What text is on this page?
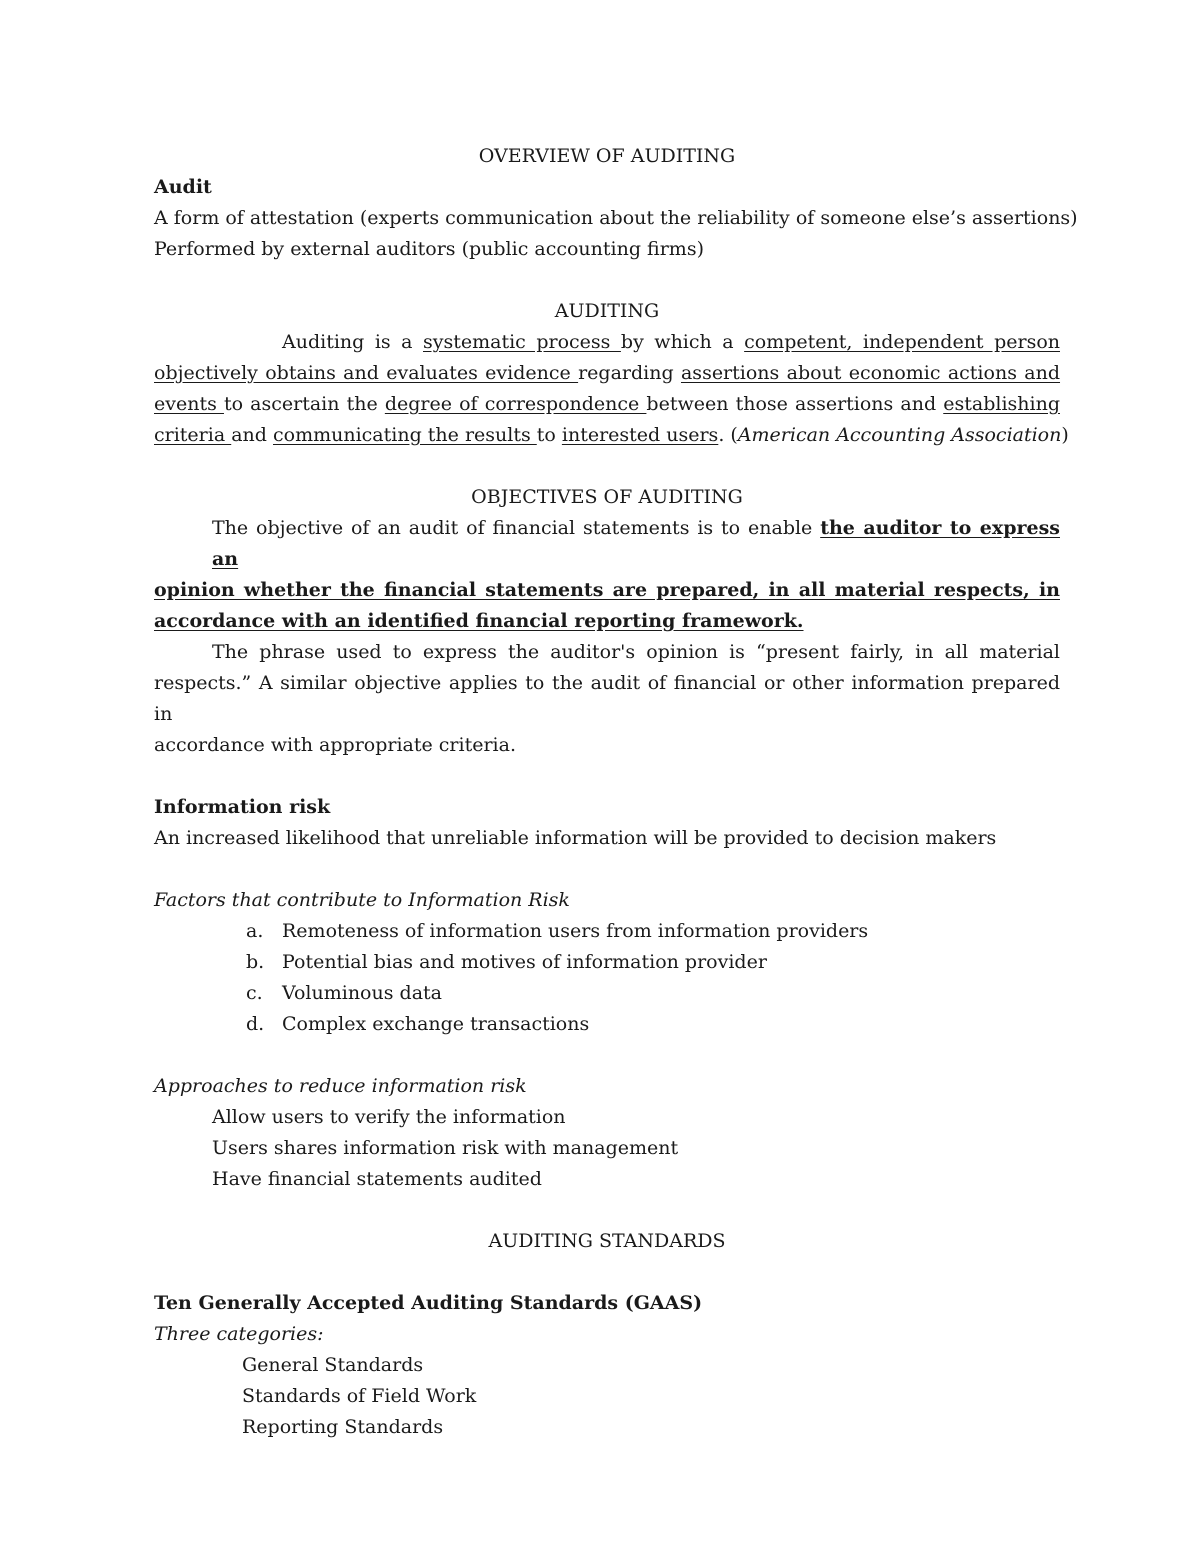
OVERVIEW OF AUDITING
Audit
A form of attestation (experts communication about the reliability of someone else’s assertions)
Performed by external auditors (public accounting firms)
AUDITING
Auditing is a systematic process by which a competent, independent person
objectively obtains and evaluates evidence regarding assertions about economic actions and
events to ascertain the degree of correspondence between those assertions and establishing
criteria and communicating the results to interested users. (American Accounting Association)
OBJECTIVES OF AUDITING
The objective of an audit of financial statements is to enable the auditor to express an
opinion whether the financial statements are prepared, in all material respects, in
accordance with an identified financial reporting framework.
The phrase used to express the auditor's opinion is “present fairly, in all material
respects.” A similar objective applies to the audit of financial or other information prepared in
accordance with appropriate criteria.
Information risk
An increased likelihood that unreliable information will be provided to decision makers
Factors that contribute to Information Risk
a. Remoteness of information users from information providers
b. Potential bias and motives of information provider
c. Voluminous data
d. Complex exchange transactions
Approaches to reduce information risk
Allow users to verify the information
Users shares information risk with management
Have financial statements audited
AUDITING STANDARDS
Ten Generally Accepted Auditing Standards (GAAS)
Three categories:
General Standards
Standards of Field Work
Reporting Standards
